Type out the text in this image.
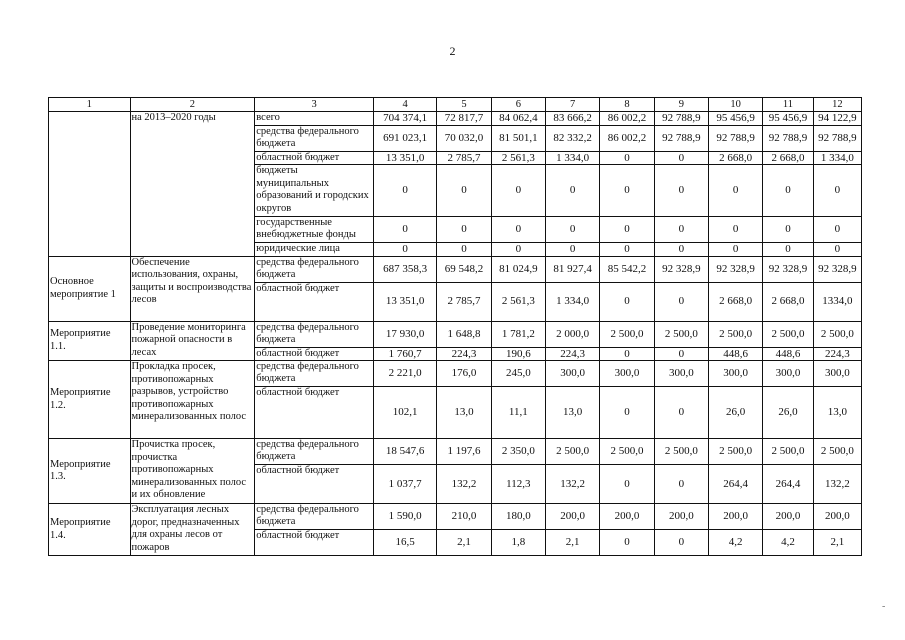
2
1	2	3	4	5	6	7	8	9	10	11	12
	на 2013–2020 годы	всего	704 374,1	72 817,7	84 062,4	83 666,2	86 002,2	92 788,9	95 456,9	95 456,9	94 122,9
		средства федерального бюджета	691 023,1	70 032,0	81 501,1	82 332,2	86 002,2	92 788,9	92 788,9	92 788,9	92 788,9
		областной бюджет	13 351,0	2 785,7	2 561,3	1 334,0	0	0	2 668,0	2 668,0	1 334,0
		бюджеты муниципальных образований и городских округов	0	0	0	0	0	0	0	0	0
		государственные внебюджетные фонды	0	0	0	0	0	0	0	0	0
		юридические лица	0	0	0	0	0	0	0	0	0
Основное мероприятие 1	Обеспечение использования, охраны, защиты и воспроизводства лесов	средства федерального бюджета	687 358,3	69 548,2	81 024,9	81 927,4	85 542,2	92 328,9	92 328,9	92 328,9	92 328,9
		областной бюджет	13 351,0	2 785,7	2 561,3	1 334,0	0	0	2 668,0	2 668,0	1334,0
Мероприятие 1.1.	Проведение мониторинга пожарной опасности в лесах	средства федерального бюджета	17 930,0	1 648,8	1 781,2	2 000,0	2 500,0	2 500,0	2 500,0	2 500,0	2 500,0
		областной бюджет	1 760,7	224,3	190,6	224,3	0	0	448,6	448,6	224,3
Мероприятие 1.2.	Прокладка просек, противопожарных разрывов, устройство противопожарных минерализованных полос	средства федерального бюджета	2 221,0	176,0	245,0	300,0	300,0	300,0	300,0	300,0	300,0
		областной бюджет	102,1	13,0	11,1	13,0	0	0	26,0	26,0	13,0
Мероприятие 1.3.	Прочистка просек, прочистка противопожарных минерализованных полос и их обновление	средства федерального бюджета	18 547,6	1 197,6	2 350,0	2 500,0	2 500,0	2 500,0	2 500,0	2 500,0	2 500,0
		областной бюджет	1 037,7	132,2	112,3	132,2	0	0	264,4	264,4	132,2
Мероприятие 1.4.	Эксплуатация лесных дорог, предназначенных для охраны лесов от пожаров	средства федерального бюджета	1 590,0	210,0	180,0	200,0	200,0	200,0	200,0	200,0	200,0
		областной бюджет	16,5	2,1	1,8	2,1	0	0	4,2	4,2	2,1
-
